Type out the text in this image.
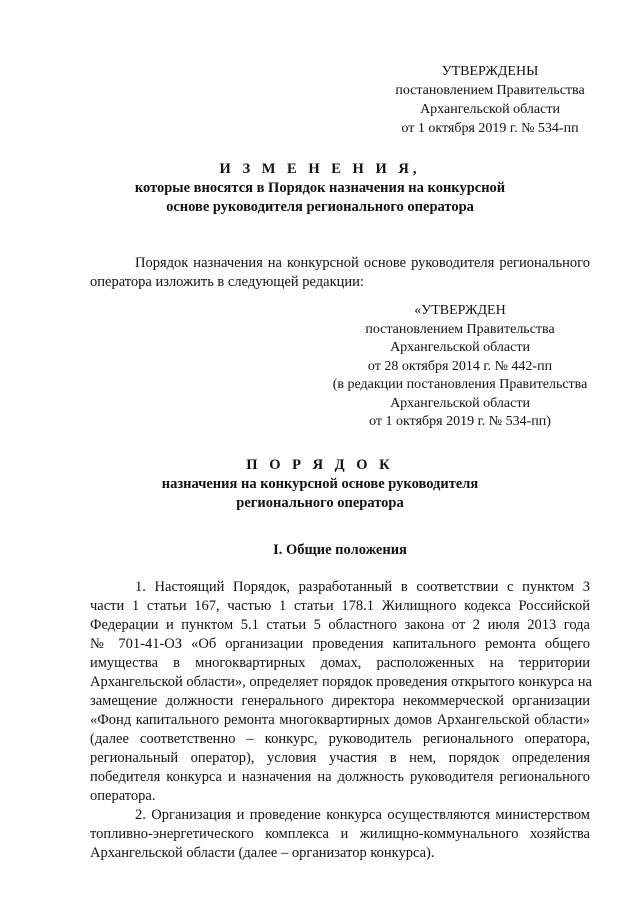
УТВЕРЖДЕНЫ
постановлением Правительства
Архангельской области
от 1 октября 2019 г. № 534-пп
И З М Е Н Е Н И Я,
которые вносятся в Порядок назначения на конкурсной
основе руководителя регионального оператора
Порядок назначения на конкурсной основе руководителя регионального
оператора изложить в следующей редакции:
«УТВЕРЖДЕН
постановлением Правительства
Архангельской области
от 28 октября 2014 г. № 442-пп
(в редакции постановления Правительства
Архангельской области
от 1 октября 2019 г. № 534-пп)
П О Р Я Д О К
назначения на конкурсной основе руководителя
регионального оператора
I. Общие положения
1. Настоящий Порядок, разработанный в соответствии с пунктом 3
части 1 статьи 167, частью 1 статьи 178.1 Жилищного кодекса Российской
Федерации и пунктом 5.1 статьи 5 областного закона от 2 июля 2013 года
№ 701-41-ОЗ «Об организации проведения капитального ремонта общего
имущества в многоквартирных домах, расположенных на территории
Архангельской области», определяет порядок проведения открытого конкурса на
замещение должности генерального директора некоммерческой организации
«Фонд капитального ремонта многоквартирных домов Архангельской области»
(далее соответственно – конкурс, руководитель регионального оператора,
региональный оператор), условия участия в нем, порядок определения
победителя конкурса и назначения на должность руководителя регионального
оператора.
2. Организация и проведение конкурса осуществляются министерством
топливно-энергетического комплекса и жилищно-коммунального хозяйства
Архангельской области (далее – организатор конкурса).
